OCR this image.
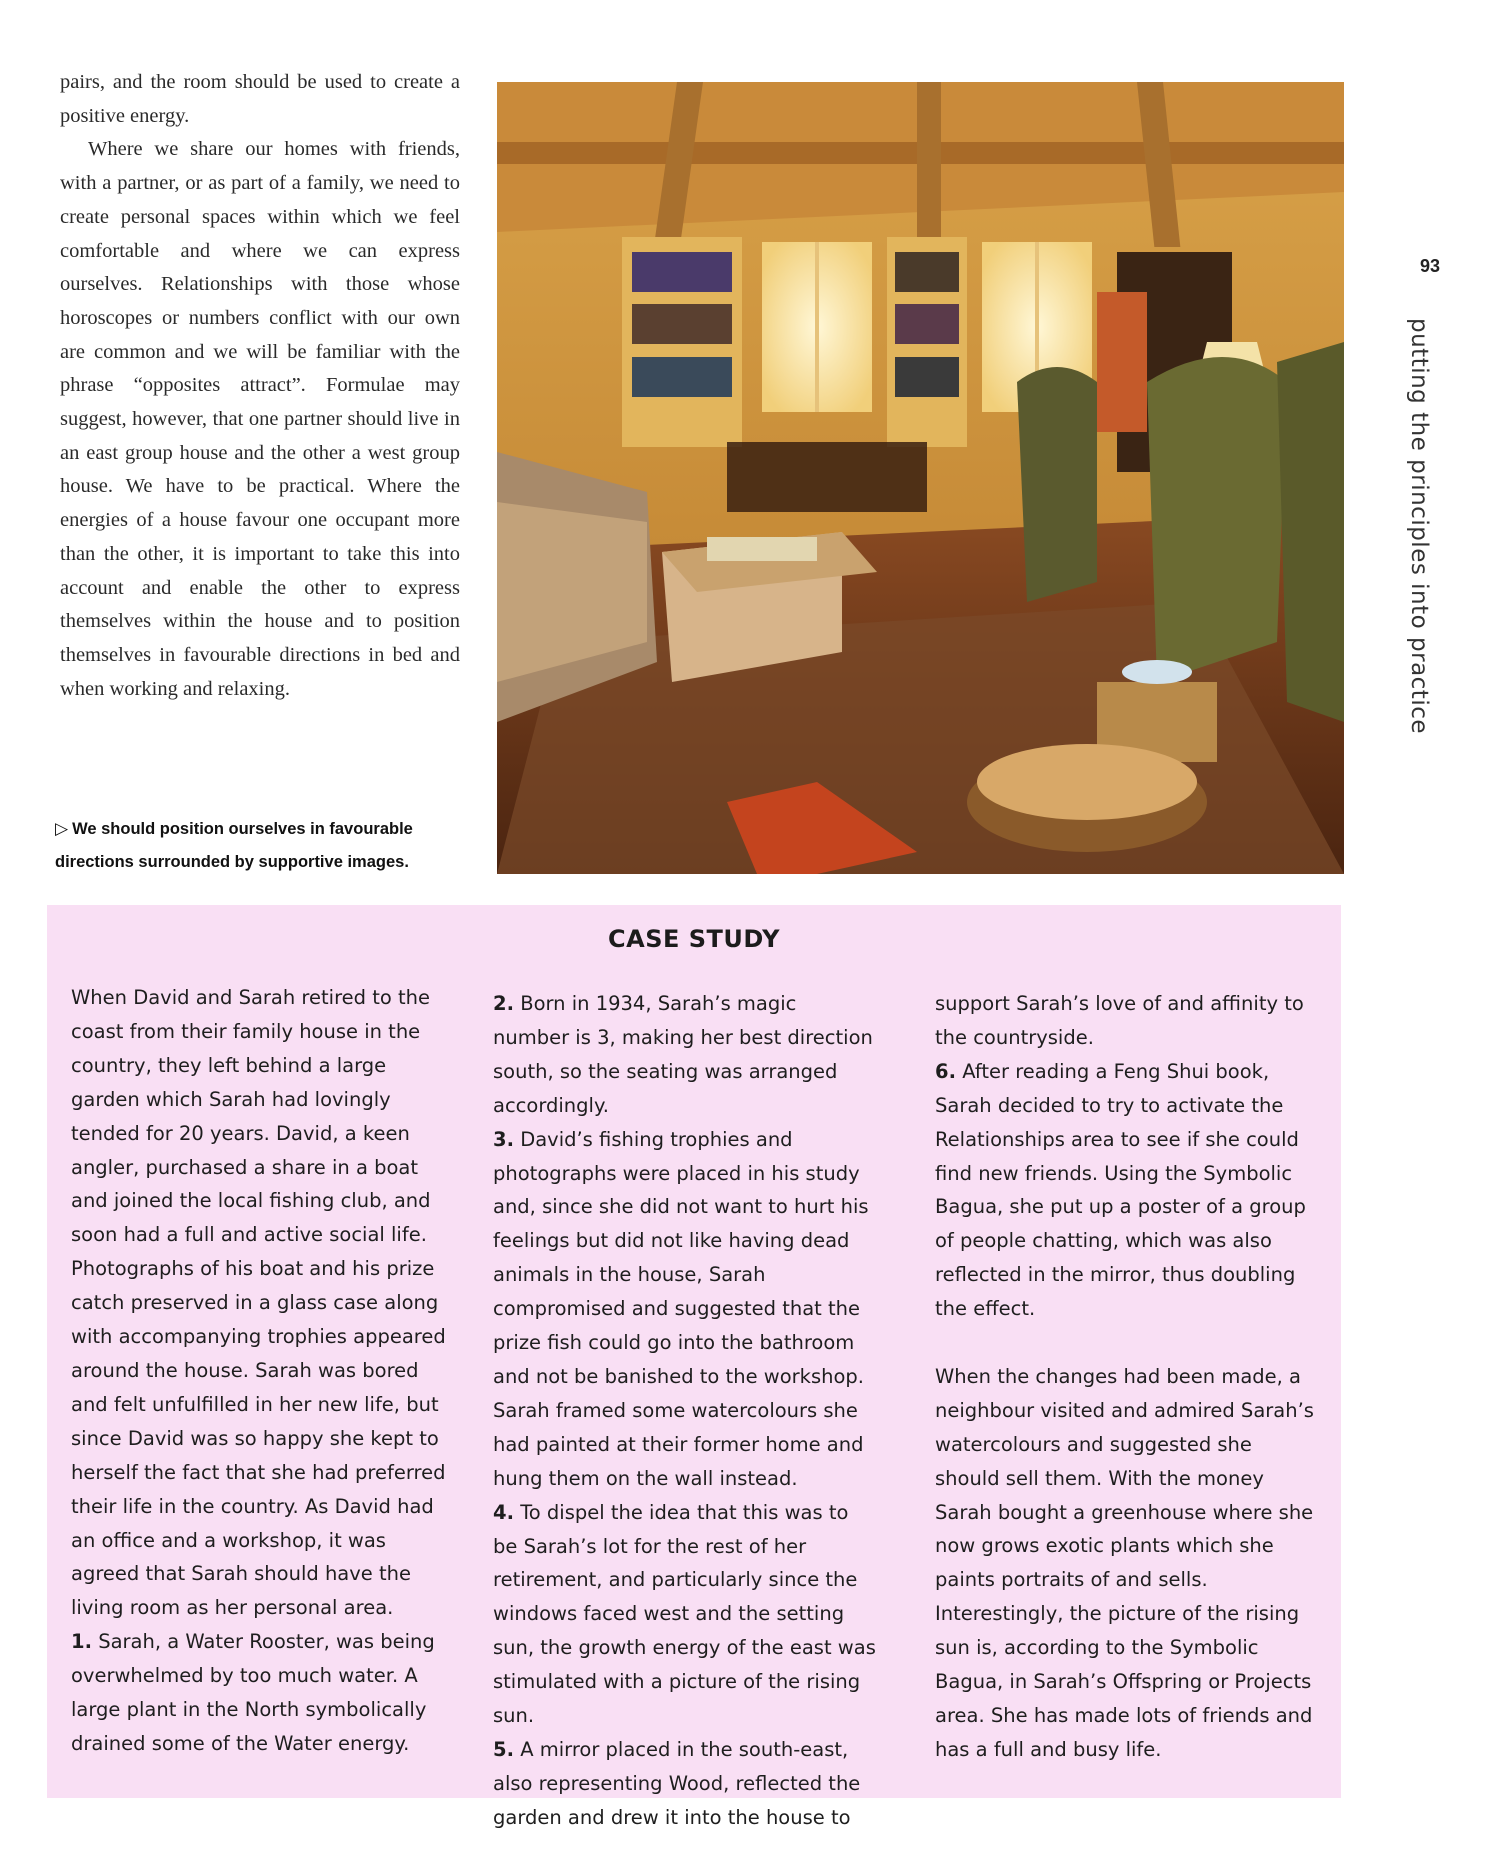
pairs, and the room should be used to create a positive energy.

Where we share our homes with friends, with a partner, or as part of a family, we need to create personal spaces within which we feel comfortable and where we can express ourselves. Relationships with those whose horoscopes or numbers conflict with our own are common and we will be familiar with the phrase “opposites attract”. Formulae may suggest, however, that one partner should live in an east group house and the other a west group house. We have to be practical. Where the energies of a house favour one occupant more than the other, it is important to take this into account and enable the other to express themselves within the house and to position themselves in favourable directions in bed and when working and relaxing.

▷ We should position ourselves in favourable directions surrounded by supportive images.
93
putting the principles into practice
CASE STUDY

When David and Sarah retired to the coast from their family house in the country, they left behind a large garden which Sarah had lovingly tended for 20 years. David, a keen angler, purchased a share in a boat and joined the local fishing club, and soon had a full and active social life. Photographs of his boat and his prize catch preserved in a glass case along with accompanying trophies appeared around the house. Sarah was bored and felt unfulfilled in her new life, but since David was so happy she kept to herself the fact that she had preferred their life in the country. As David had an office and a workshop, it was agreed that Sarah should have the living room as her personal area.

1. Sarah, a Water Rooster, was being overwhelmed by too much water. A large plant in the North symbolically drained some of the Water energy.

2. Born in 1934, Sarah’s magic number is 3, making her best direction south, so the seating was arranged accordingly.

3. David’s fishing trophies and photographs were placed in his study and, since she did not want to hurt his feelings but did not like having dead animals in the house, Sarah compromised and suggested that the prize fish could go into the bathroom and not be banished to the workshop. Sarah framed some watercolours she had painted at their former home and hung them on the wall instead.

4. To dispel the idea that this was to be Sarah’s lot for the rest of her retirement, and particularly since the windows faced west and the setting sun, the growth energy of the east was stimulated with a picture of the rising sun.

5. A mirror placed in the south-east, also representing Wood, reflected the garden and drew it into the house to

support Sarah’s love of and affinity to the countryside.

6. After reading a Feng Shui book, Sarah decided to try to activate the Relationships area to see if she could find new friends. Using the Symbolic Bagua, she put up a poster of a group of people chatting, which was also reflected in the mirror, thus doubling the effect.

When the changes had been made, a neighbour visited and admired Sarah’s watercolours and suggested she should sell them. With the money Sarah bought a greenhouse where she now grows exotic plants which she paints portraits of and sells. Interestingly, the picture of the rising sun is, according to the Symbolic Bagua, in Sarah’s Offspring or Projects area. She has made lots of friends and has a full and busy life.
